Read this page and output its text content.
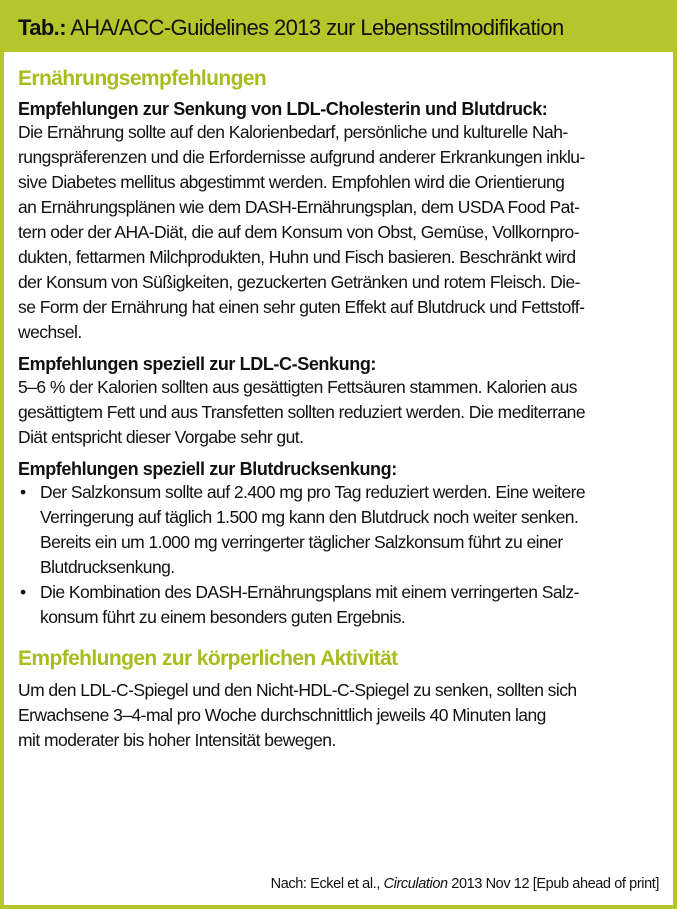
Tab.: AHA/ACC-Guidelines 2013 zur Lebensstilmodifikation
Ernährungsempfehlungen
Empfehlungen zur Senkung von LDL-Cholesterin und Blutdruck:
Die Ernährung sollte auf den Kalorienbedarf, persönliche und kulturelle Nah-
rungspräferenzen und die Erfordernisse aufgrund anderer Erkrankungen inklu-
sive Diabetes mellitus abgestimmt werden. Empfohlen wird die Orientierung
an Ernährungsplänen wie dem DASH-Ernährungsplan, dem USDA Food Pat-
tern oder der AHA-Diät, die auf dem Konsum von Obst, Gemüse, Vollkornpro-
dukten, fettarmen Milchprodukten, Huhn und Fisch basieren. Beschränkt wird
der Konsum von Süßigkeiten, gezuckerten Getränken und rotem Fleisch. Die-
se Form der Ernährung hat einen sehr guten Effekt auf Blutdruck und Fettstoff-
wechsel.
Empfehlungen speziell zur LDL-C-Senkung:
5–6 % der Kalorien sollten aus gesättigten Fettsäuren stammen. Kalorien aus
gesättigtem Fett und aus Transfetten sollten reduziert werden. Die mediterrane
Diät entspricht dieser Vorgabe sehr gut.
Empfehlungen speziell zur Blutdrucksenkung:
• Der Salzkonsum sollte auf 2.400 mg pro Tag reduziert werden. Eine weitere
Verringerung auf täglich 1.500 mg kann den Blutdruck noch weiter senken.
Bereits ein um 1.000 mg verringerter täglicher Salzkonsum führt zu einer
Blutdrucksenkung.
• Die Kombination des DASH-Ernährungsplans mit einem verringerten Salz-
konsum führt zu einem besonders guten Ergebnis.
Empfehlungen zur körperlichen Aktivität
Um den LDL-C-Spiegel und den Nicht-HDL-C-Spiegel zu senken, sollten sich
Erwachsene 3–4-mal pro Woche durchschnittlich jeweils 40 Minuten lang
mit moderater bis hoher Intensität bewegen.
Nach: Eckel et al., Circulation 2013 Nov 12 [Epub ahead of print]
